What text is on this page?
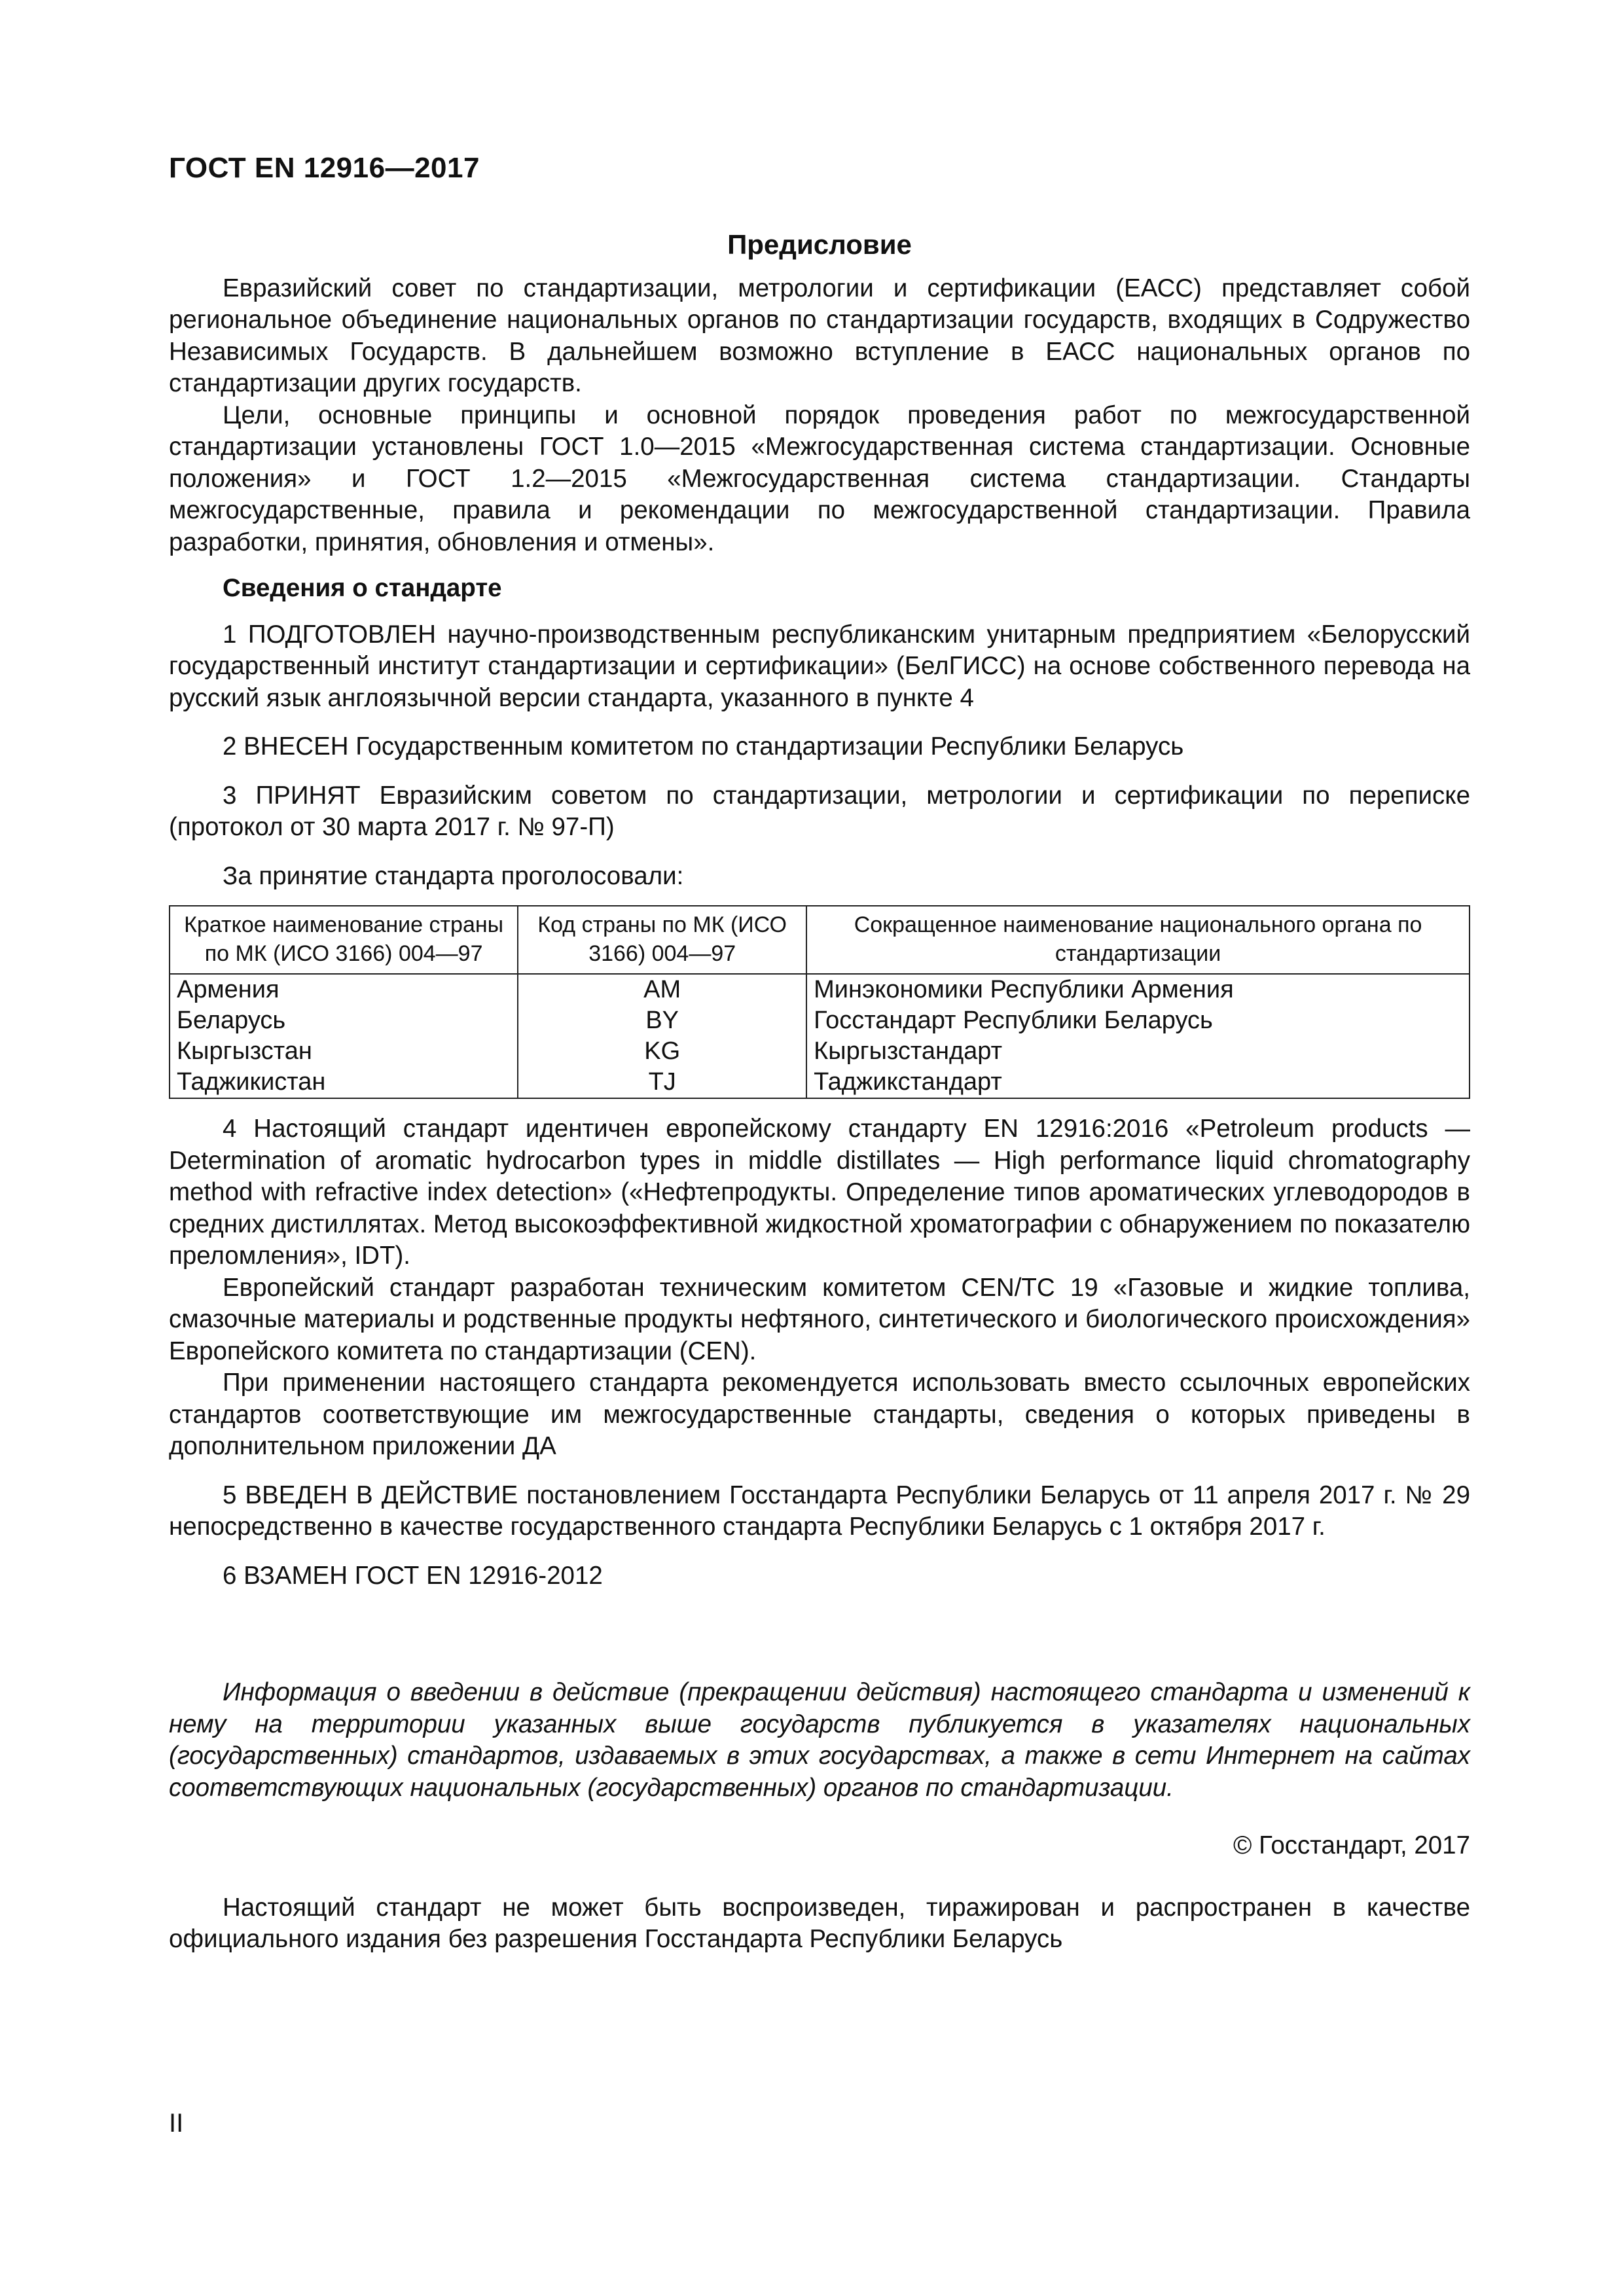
ГОСТ EN 12916—2017
Предисловие

Евразийский совет по стандартизации, метрологии и сертификации (ЕАСС) представляет собой региональное объединение национальных органов по стандартизации государств, входящих в Содружество Независимых Государств. В дальнейшем возможно вступление в ЕАСС национальных органов по стандартизации других государств.

Цели, основные принципы и основной порядок проведения работ по межгосударственной стандартизации установлены ГОСТ 1.0—2015 «Межгосударственная система стандартизации. Основные положения» и ГОСТ 1.2—2015 «Межгосударственная система стандартизации. Стандарты межгосударственные, правила и рекомендации по межгосударственной стандартизации. Правила разработки, принятия, обновления и отмены».

Сведения о стандарте

1 ПОДГОТОВЛЕН научно-производственным республиканским унитарным предприятием «Белорусский государственный институт стандартизации и сертификации» (БелГИСС) на основе собственного перевода на русский язык англоязычной версии стандарта, указанного в пункте 4

2 ВНЕСЕН Государственным комитетом по стандартизации Республики Беларусь

3 ПРИНЯТ Евразийским советом по стандартизации, метрологии и сертификации по переписке (протокол от 30 марта 2017 г. № 97-П)

За принятие стандарта проголосовали:

Краткое наименование страны по МК (ИСО 3166) 004—97	Код страны по МК (ИСО 3166) 004—97	Сокращенное наименование национального органа по стандартизации
Армения	AM	Минэкономики Республики Армения
Беларусь	BY	Госстандарт Республики Беларусь
Кыргызстан	KG	Кыргызстандарт
Таджикистан	TJ	Таджикстандарт

4 Настоящий стандарт идентичен европейскому стандарту EN 12916:2016 «Petroleum products — Determination of aromatic hydrocarbon types in middle distillates — High performance liquid chromatography method with refractive index detection» («Нефтепродукты. Определение типов ароматических углеводородов в средних дистиллятах. Метод высокоэффективной жидкостной хроматографии с обнаружением по показателю преломления», IDT).

Европейский стандарт разработан техническим комитетом CEN/TC 19 «Газовые и жидкие топлива, смазочные материалы и родственные продукты нефтяного, синтетического и биологического происхождения» Европейского комитета по стандартизации (CEN).

При применении настоящего стандарта рекомендуется использовать вместо ссылочных европейских стандартов соответствующие им межгосударственные стандарты, сведения о которых приведены в дополнительном приложении ДА

5 ВВЕДЕН В ДЕЙСТВИЕ постановлением Госстандарта Республики Беларусь от 11 апреля 2017 г. № 29 непосредственно в качестве государственного стандарта Республики Беларусь с 1 октября 2017 г.

6 ВЗАМЕН ГОСТ EN 12916-2012

Информация о введении в действие (прекращении действия) настоящего стандарта и изменений к нему на территории указанных выше государств публикуется в указателях национальных (государственных) стандартов, издаваемых в этих государствах, а также в сети Интернет на сайтах соответствующих национальных (государственных) органов по стандартизации.

© Госстандарт, 2017

Настоящий стандарт не может быть воспроизведен, тиражирован и распространен в качестве официального издания без разрешения Госстандарта Республики Беларусь

II
